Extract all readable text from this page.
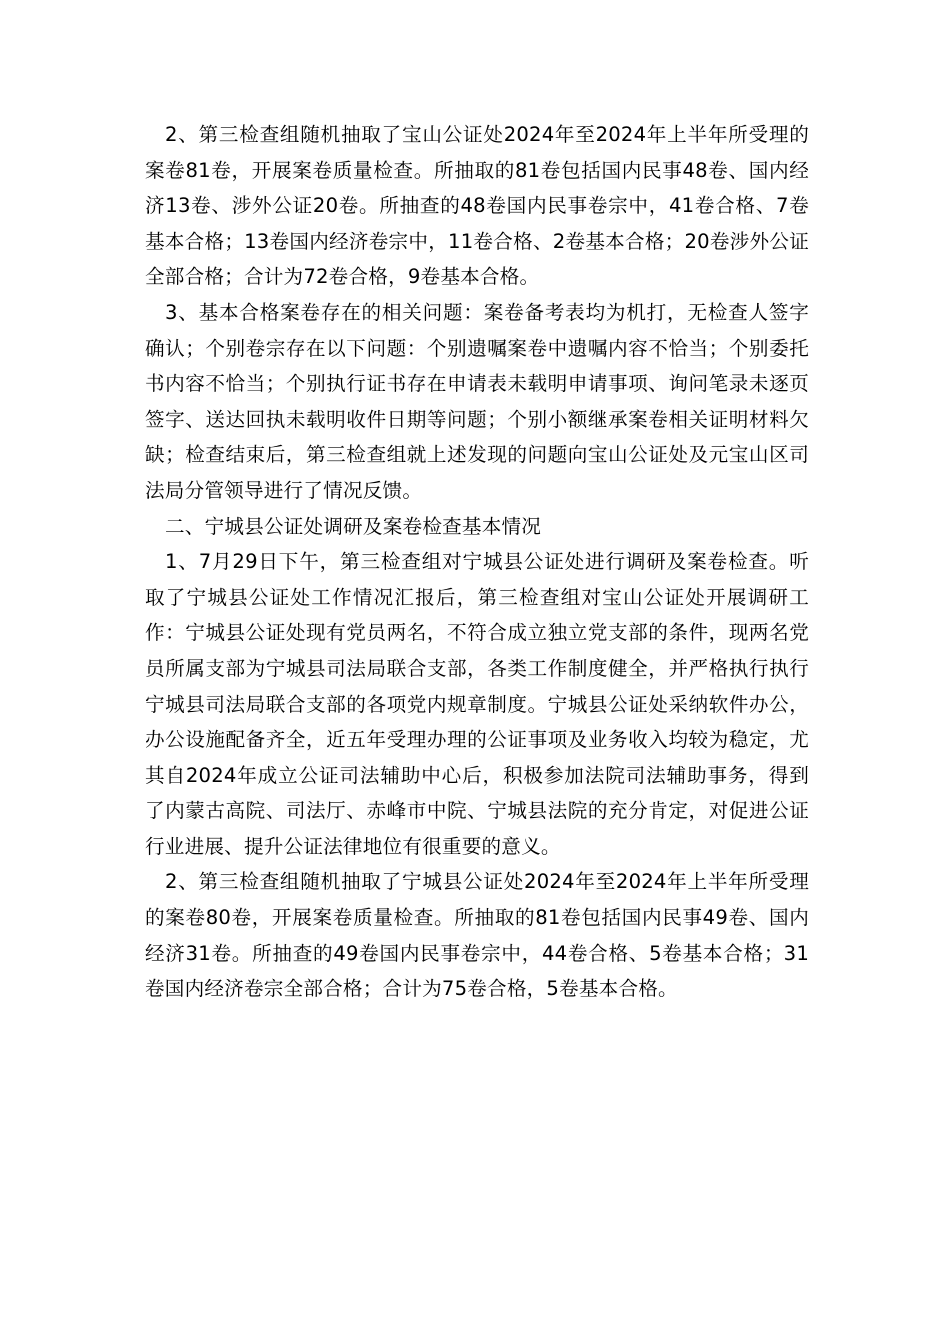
2、第三检查组随机抽取了宝山公证处2024年至2024年上半年所受理的案卷81卷，开展案卷质量检查。所抽取的81卷包括国内民事48卷、国内经济13卷、涉外公证20卷。所抽查的48卷国内民事卷宗中，41卷合格、7卷基本合格；13卷国内经济卷宗中，11卷合格、2卷基本合格；20卷涉外公证全部合格；合计为72卷合格，9卷基本合格。

3、基本合格案卷存在的相关问题：案卷备考表均为机打，无检查人签字确认；个别卷宗存在以下问题：个别遗嘱案卷中遗嘱内容不恰当；个别委托书内容不恰当；个别执行证书存在申请表未载明申请事项、询问笔录未逐页签字、送达回执未载明收件日期等问题；个别小额继承案卷相关证明材料欠缺；检查结束后，第三检查组就上述发现的问题向宝山公证处及元宝山区司法局分管领导进行了情况反馈。

二、宁城县公证处调研及案卷检查基本情况

1、7月29日下午，第三检查组对宁城县公证处进行调研及案卷检查。听取了宁城县公证处工作情况汇报后，第三检查组对宝山公证处开展调研工作：宁城县公证处现有党员两名，不符合成立独立党支部的条件，现两名党员所属支部为宁城县司法局联合支部，各类工作制度健全，并严格执行执行宁城县司法局联合支部的各项党内规章制度。宁城县公证处采纳软件办公，办公设施配备齐全，近五年受理办理的公证事项及业务收入均较为稳定，尤其自2024年成立公证司法辅助中心后，积极参加法院司法辅助事务，得到了内蒙古高院、司法厅、赤峰市中院、宁城县法院的充分肯定，对促进公证行业进展、提升公证法律地位有很重要的意义。

2、第三检查组随机抽取了宁城县公证处2024年至2024年上半年所受理的案卷80卷，开展案卷质量检查。所抽取的81卷包括国内民事49卷、国内经济31卷。所抽查的49卷国内民事卷宗中，44卷合格、5卷基本合格；31卷国内经济卷宗全部合格；合计为75卷合格，5卷基本合格。
